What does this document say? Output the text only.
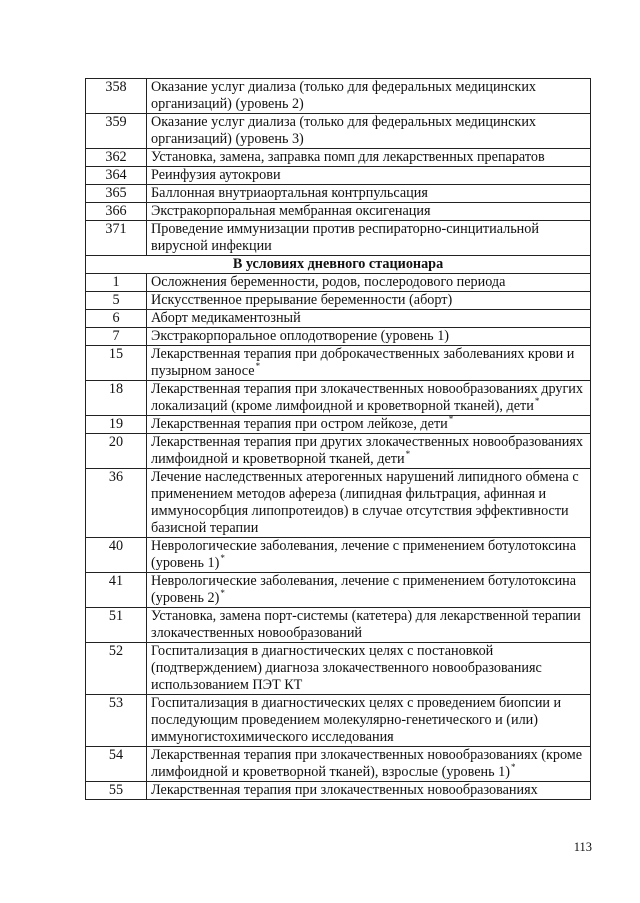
358	Оказание услуг диализа (только для федеральных медицинских организаций) (уровень 2)
359	Оказание услуг диализа (только для федеральных медицинских организаций) (уровень 3)
362	Установка, замена, заправка помп для лекарственных препаратов
364	Реинфузия аутокрови
365	Баллонная внутриаортальная контрпульсация
366	Экстракорпоральная мембранная оксигенация
371	Проведение иммунизации против респираторно-синцитиальной вирусной инфекции
В условиях дневного стационара	
1	Осложнения беременности, родов, послеродового периода
5	Искусственное прерывание беременности (аборт)
6	Аборт медикаментозный
7	Экстракорпоральное оплодотворение (уровень 1)
15	Лекарственная терапия при доброкачественных заболеваниях крови и пузырном заносе*
18	Лекарственная терапия при злокачественных новообразованиях других локализаций (кроме лимфоидной и кроветворной тканей), дети*
19	Лекарственная терапия при остром лейкозе, дети*
20	Лекарственная терапия при других злокачественных новообразованиях лимфоидной и кроветворной тканей, дети*
36	Лечение наследственных атерогенных нарушений липидного обмена с применением методов афереза (липидная фильтрация, афинная и иммуносорбция липопротеидов) в случае отсутствия эффективности базисной терапии
40	Неврологические заболевания, лечение с применением ботулотоксина (уровень 1)*
41	Неврологические заболевания, лечение с применением ботулотоксина (уровень 2)*
51	Установка, замена порт-системы (катетера) для лекарственной терапии злокачественных новообразований
52	Госпитализация в диагностических целях с постановкой (подтверждением) диагноза злокачественного новообразованияс использованием ПЭТ КТ
53	Госпитализация в диагностических целях с проведением биопсии и последующим проведением молекулярно-генетического и (или) иммуногистохимического исследования
54	Лекарственная терапия при злокачественных новообразованиях (кроме лимфоидной и кроветворной тканей), взрослые (уровень 1)*
55	Лекарственная терапия при злокачественных новообразованиях
113
